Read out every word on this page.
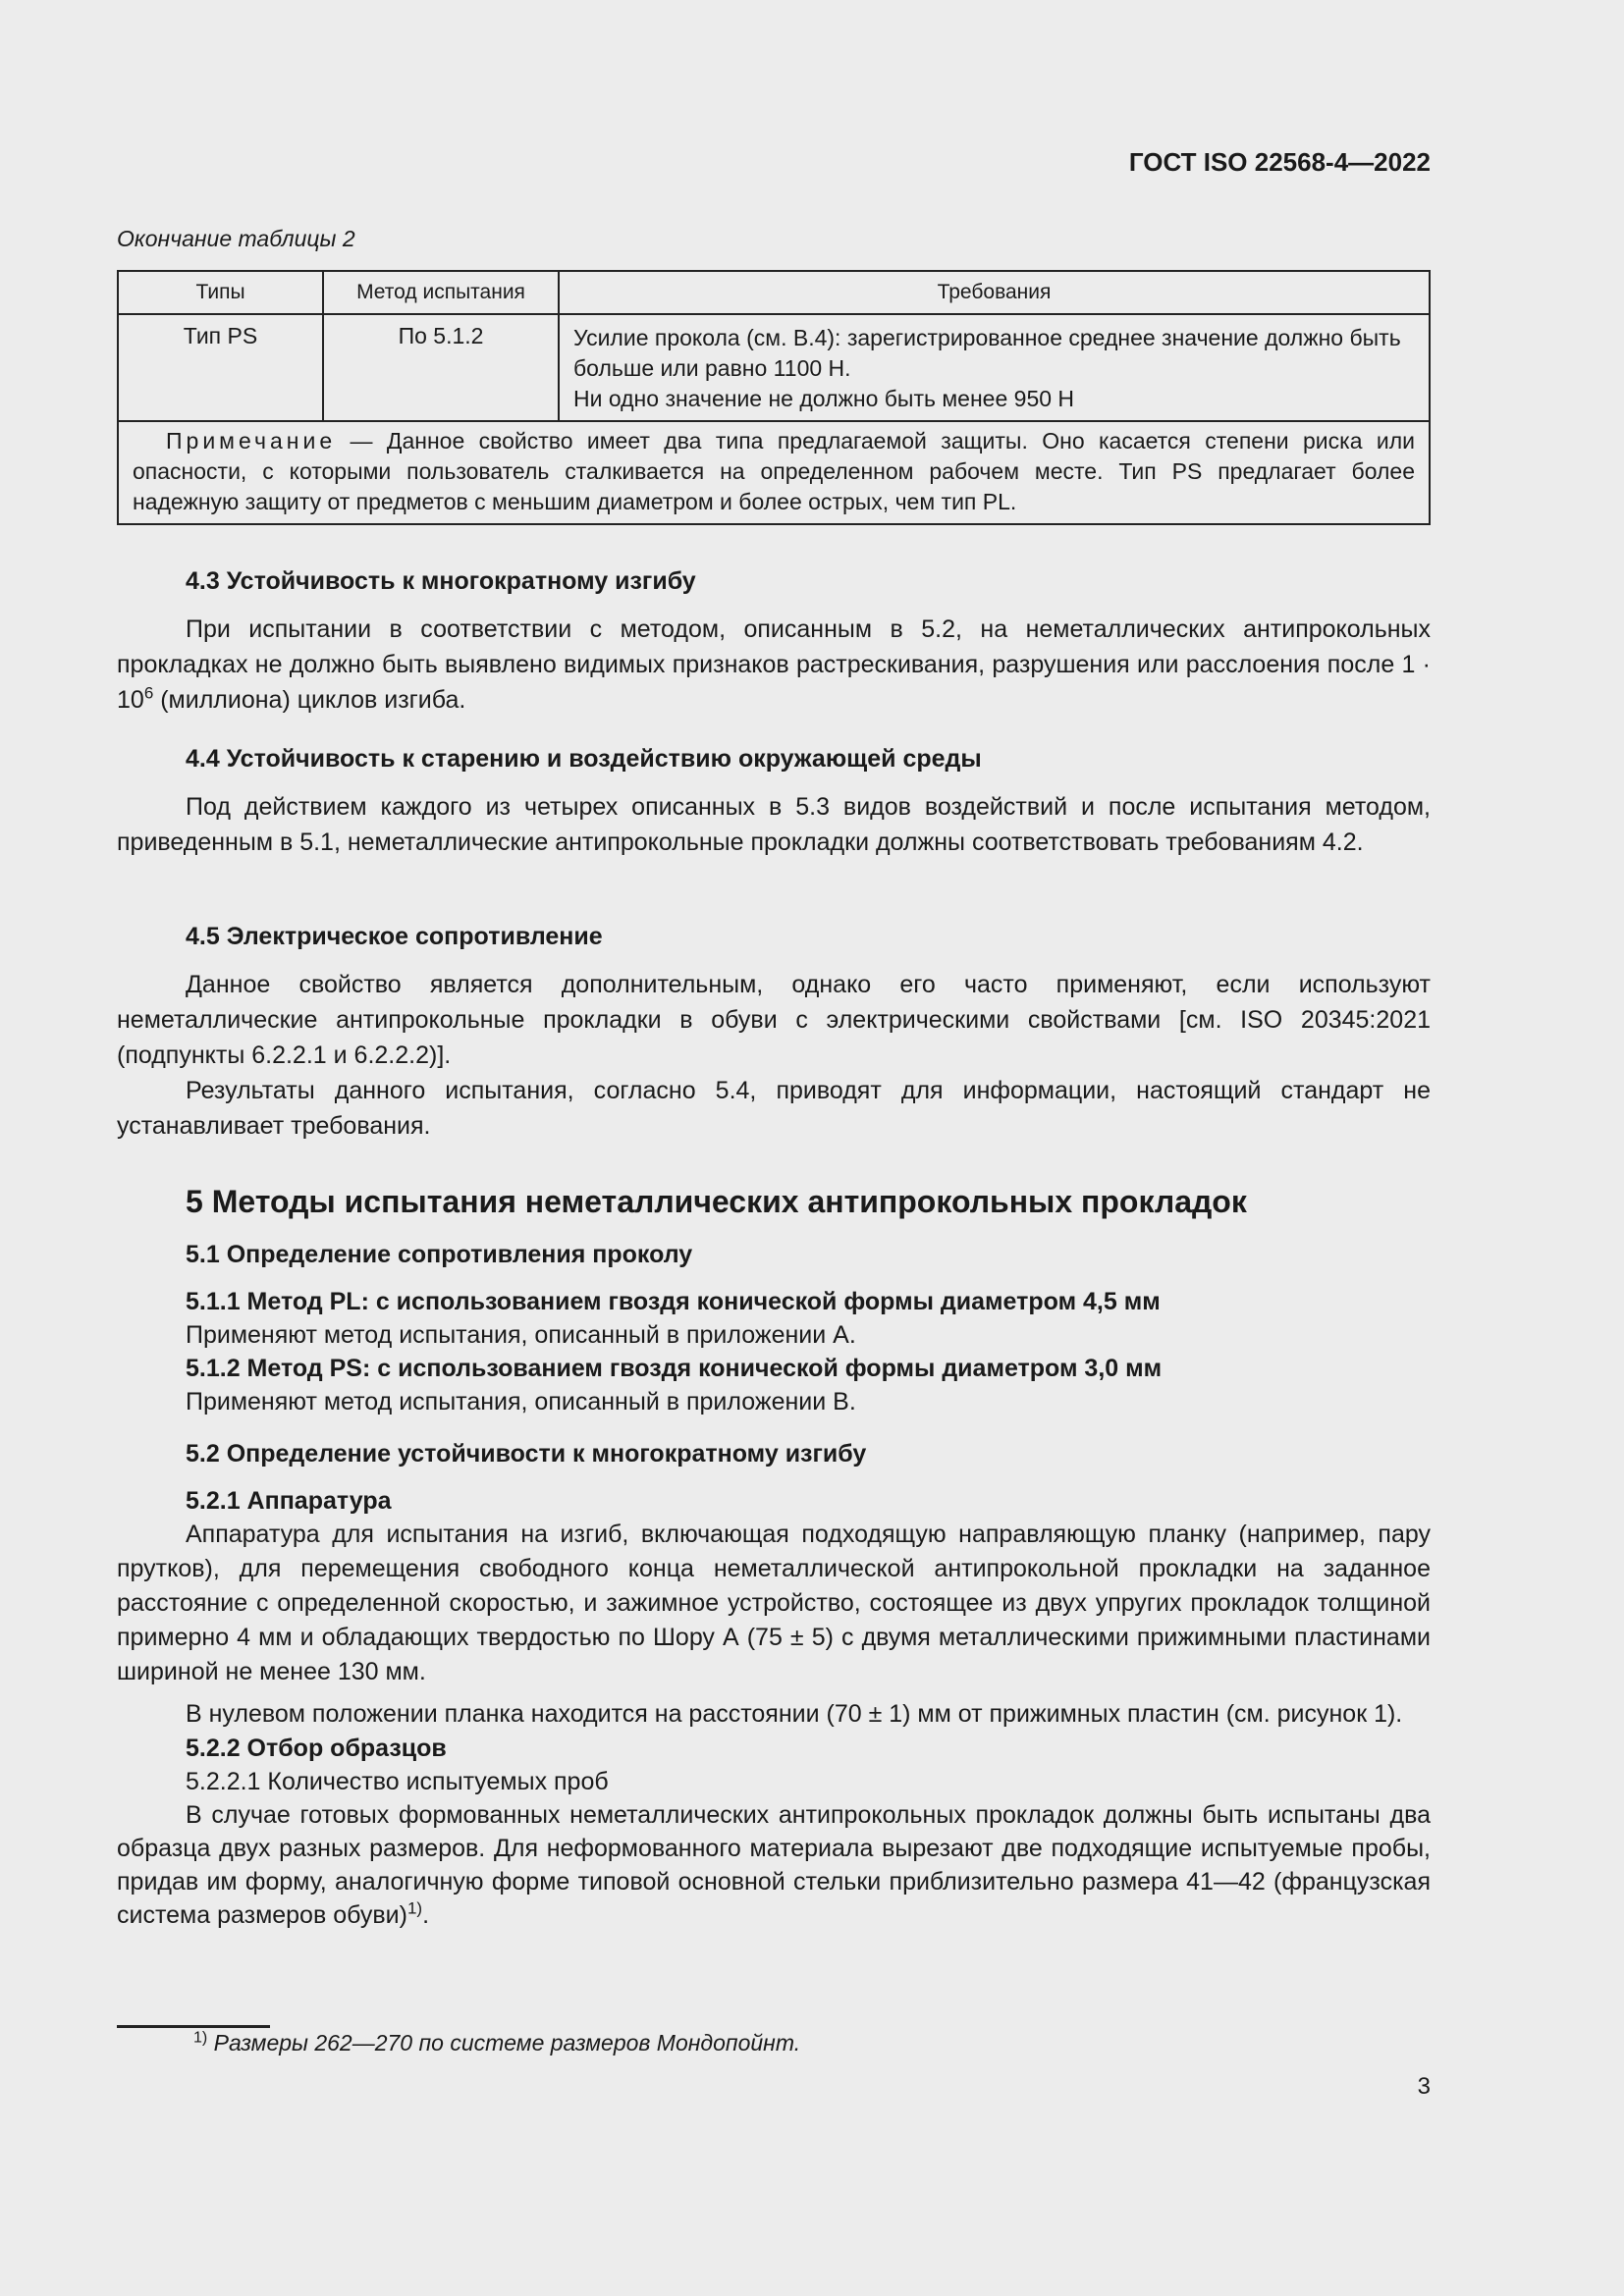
ГОСТ ISO 22568-4—2022
Окончание таблицы 2
Типы	Метод испытания	Требования
Тип PS	По 5.1.2	Усилие прокола (см. В.4): зарегистрированное среднее значение должно быть больше или равно 1100 Н.
Ни одно значение не должно быть менее 950 Н

Примечание — Данное свойство имеет два типа предлагаемой защиты. Оно касается степени риска или опасности, с которыми пользователь сталкивается на определенном рабочем месте. Тип PS предлагает более надежную защиту от предметов с меньшим диаметром и более острых, чем тип PL.		

4.3 Устойчивость к многократному изгибу

При испытании в соответствии с методом, описанным в 5.2, на неметаллических антипрокольных прокладках не должно быть выявлено видимых признаков растрескивания, разрушения или расслоения после $1 \cdot 10^6$ (миллиона) циклов изгиба.

4.4 Устойчивость к старению и воздействию окружающей среды

Под действием каждого из четырех описанных в 5.3 видов воздействий и после испытания методом, приведенным в 5.1, неметаллические антипрокольные прокладки должны соответствовать требованиям 4.2.

4.5 Электрическое сопротивление

Данное свойство является дополнительным, однако его часто применяют, если используют неметаллические антипрокольные прокладки в обуви с электрическими свойствами [см. ISO 20345:2021 (подпункты 6.2.2.1 и 6.2.2.2)].

Результаты данного испытания, согласно 5.4, приводят для информации, настоящий стандарт не устанавливает требования.

5 Методы испытания неметаллических антипрокольных прокладок

5.1 Определение сопротивления проколу

5.1.1 Метод PL: с использованием гвоздя конической формы диаметром 4,5 мм

Применяют метод испытания, описанный в приложении А.

5.1.2 Метод PS: с использованием гвоздя конической формы диаметром 3,0 мм

Применяют метод испытания, описанный в приложении В.

5.2 Определение устойчивости к многократному изгибу

5.2.1 Аппаратура

Аппаратура для испытания на изгиб, включающая подходящую направляющую планку (например, пару прутков), для перемещения свободного конца неметаллической антипрокольной прокладки на заданное расстояние с определенной скоростью, и зажимное устройство, состоящее из двух упругих прокладок толщиной примерно 4 мм и обладающих твердостью по Шору А (75 ± 5) с двумя металлическими прижимными пластинами шириной не менее 130 мм.

В нулевом положении планка находится на расстоянии (70 ± 1) мм от прижимных пластин (см. рисунок 1).

5.2.2 Отбор образцов

5.2.2.1 Количество испытуемых проб

В случае готовых формованных неметаллических антипрокольных прокладок должны быть испытаны два образца двух разных размеров. Для неформованного материала вырезают две подходящие испытуемые пробы, придав им форму, аналогичную форме типовой основной стельки приблизительно размера 41—42 (французская система размеров обуви)$^{1)}$.

$^{1)}$ Размеры 262—270 по системе размеров Мондопойнт.
3
